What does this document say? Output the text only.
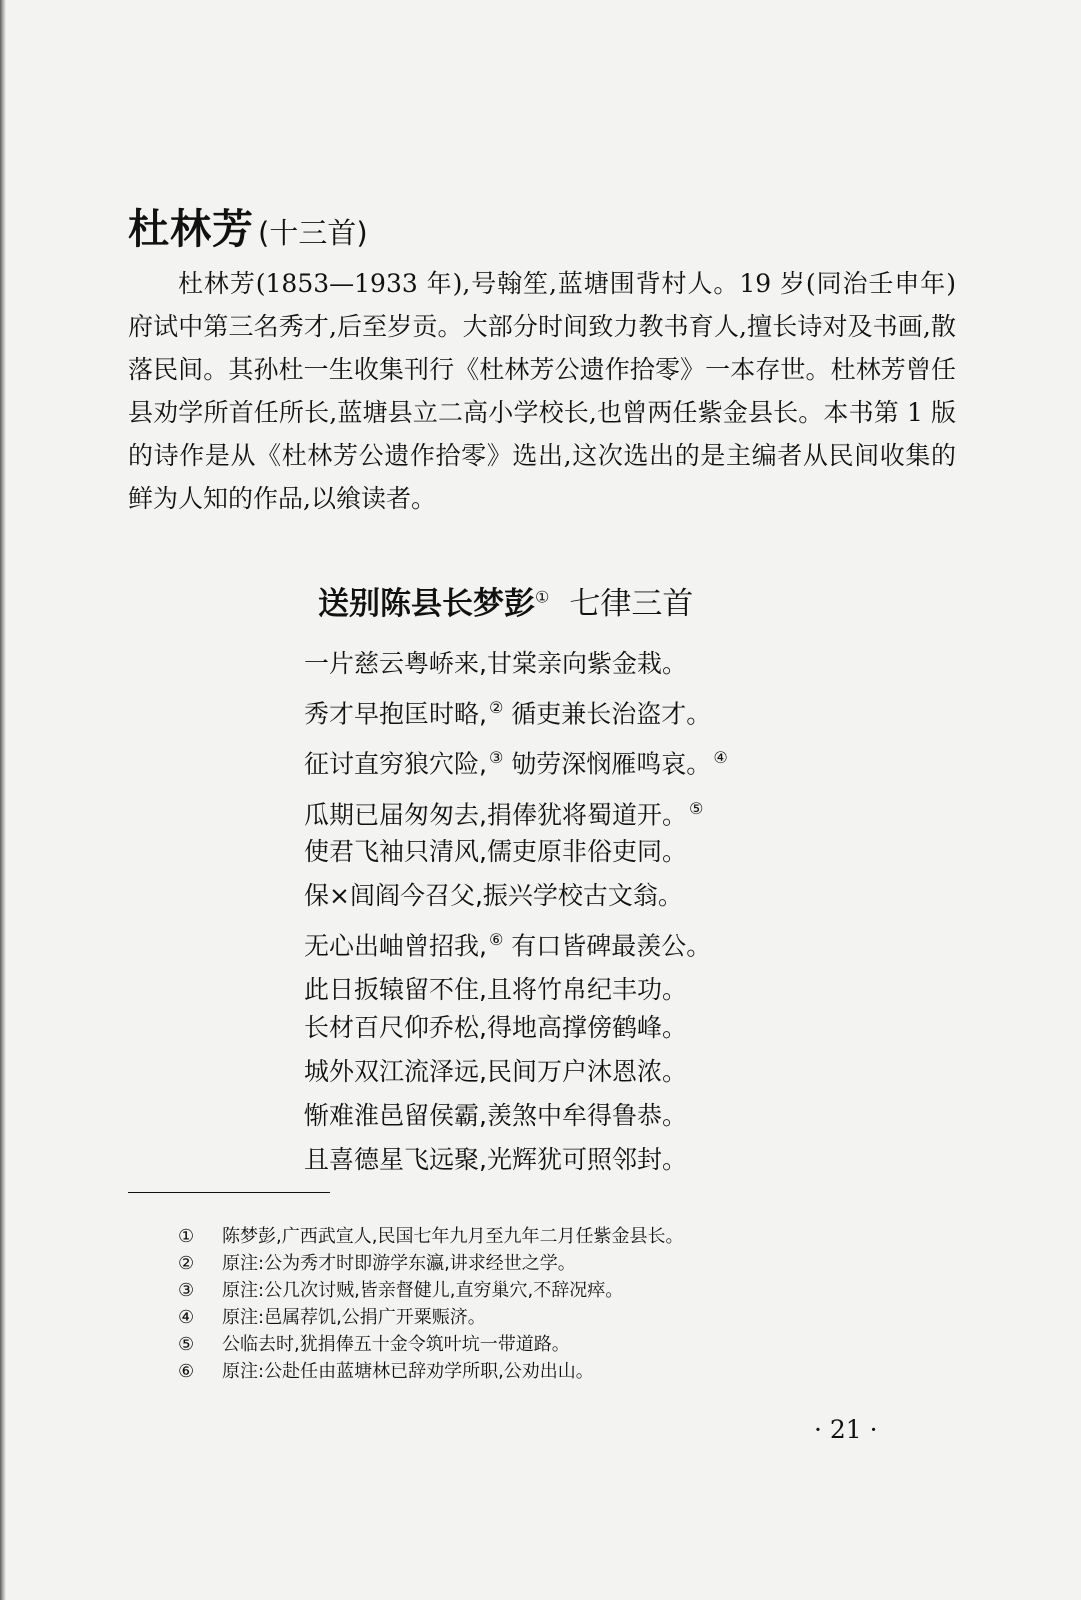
杜林芳 (十三首)

杜林芳(1853—1933 年),号翰笙,蓝塘围背村人。19 岁(同治壬申年)府试中第三名秀才,后至岁贡。大部分时间致力教书育人,擅长诗对及书画,散落民间。其孙杜一生收集刊行《杜林芳公遗作拾零》一本存世。杜林芳曾任县劝学所首任所长,蓝塘县立二高小学校长,也曾两任紫金县长。本书第 1 版的诗作是从《杜林芳公遗作拾零》选出,这次选出的是主编者从民间收集的鲜为人知的作品,以飨读者。

送别陈县长梦彭① 七律三首
一片慈云粤峤来,甘棠亲向紫金栽。
秀才早抱匡时略, ② 循吏兼长治盗才。
征讨直穷狼穴险, ③ 劬劳深悯雁鸣哀。 ④
瓜期已届匆匆去,捐俸犹将蜀道开。 ⑤
使君飞袖只清风,儒吏原非俗吏同。
保×闾阎今召父,振兴学校古文翁。
无心出岫曾招我, ⑥ 有口皆碑最羡公。
此日扳辕留不住,且将竹帛纪丰功。
长材百尺仰乔松,得地高撑傍鹤峰。
城外双江流泽远,民间万户沐恩浓。
惭难淮邑留侯霸,羡煞中牟得鲁恭。
且喜德星飞远聚,光辉犹可照邻封。
①	陈梦彭,广西武宣人,民国七年九月至九年二月任紫金县长。
②	原注:公为秀才时即游学东瀛,讲求经世之学。
③	原注:公几次讨贼,皆亲督健儿,直穷巢穴,不辞况瘁。
④	原注:邑属荐饥,公捐广开粟赈济。
⑤	公临去时,犹捐俸五十金令筑叶坑一带道路。
⑥	原注:公赴任由蓝塘林已辞劝学所职,公劝出山。
· 21 ·
